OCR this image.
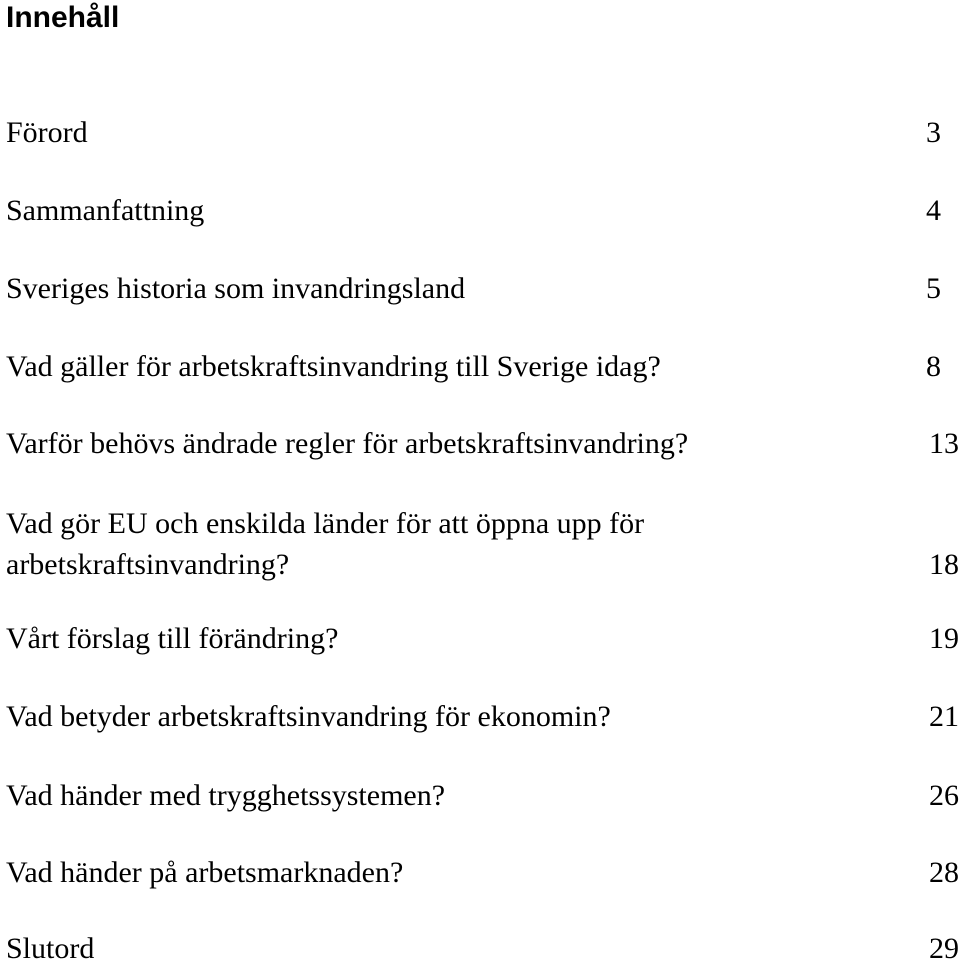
Innehåll
Förord	3
Sammanfattning	4
Sveriges historia som invandringsland	5
Vad gäller för arbetskraftsinvandring till Sverige idag?	8
Varför behövs ändrade regler för arbetskraftsinvandring?	13
Vad gör EU och enskilda länder för att öppna upp för
arbetskraftsinvandring?	18
Vårt förslag till förändring?	19
Vad betyder arbetskraftsinvandring för ekonomin?	21
Vad händer med trygghetssystemen?	26
Vad händer på arbetsmarknaden?	28
Slutord	29
